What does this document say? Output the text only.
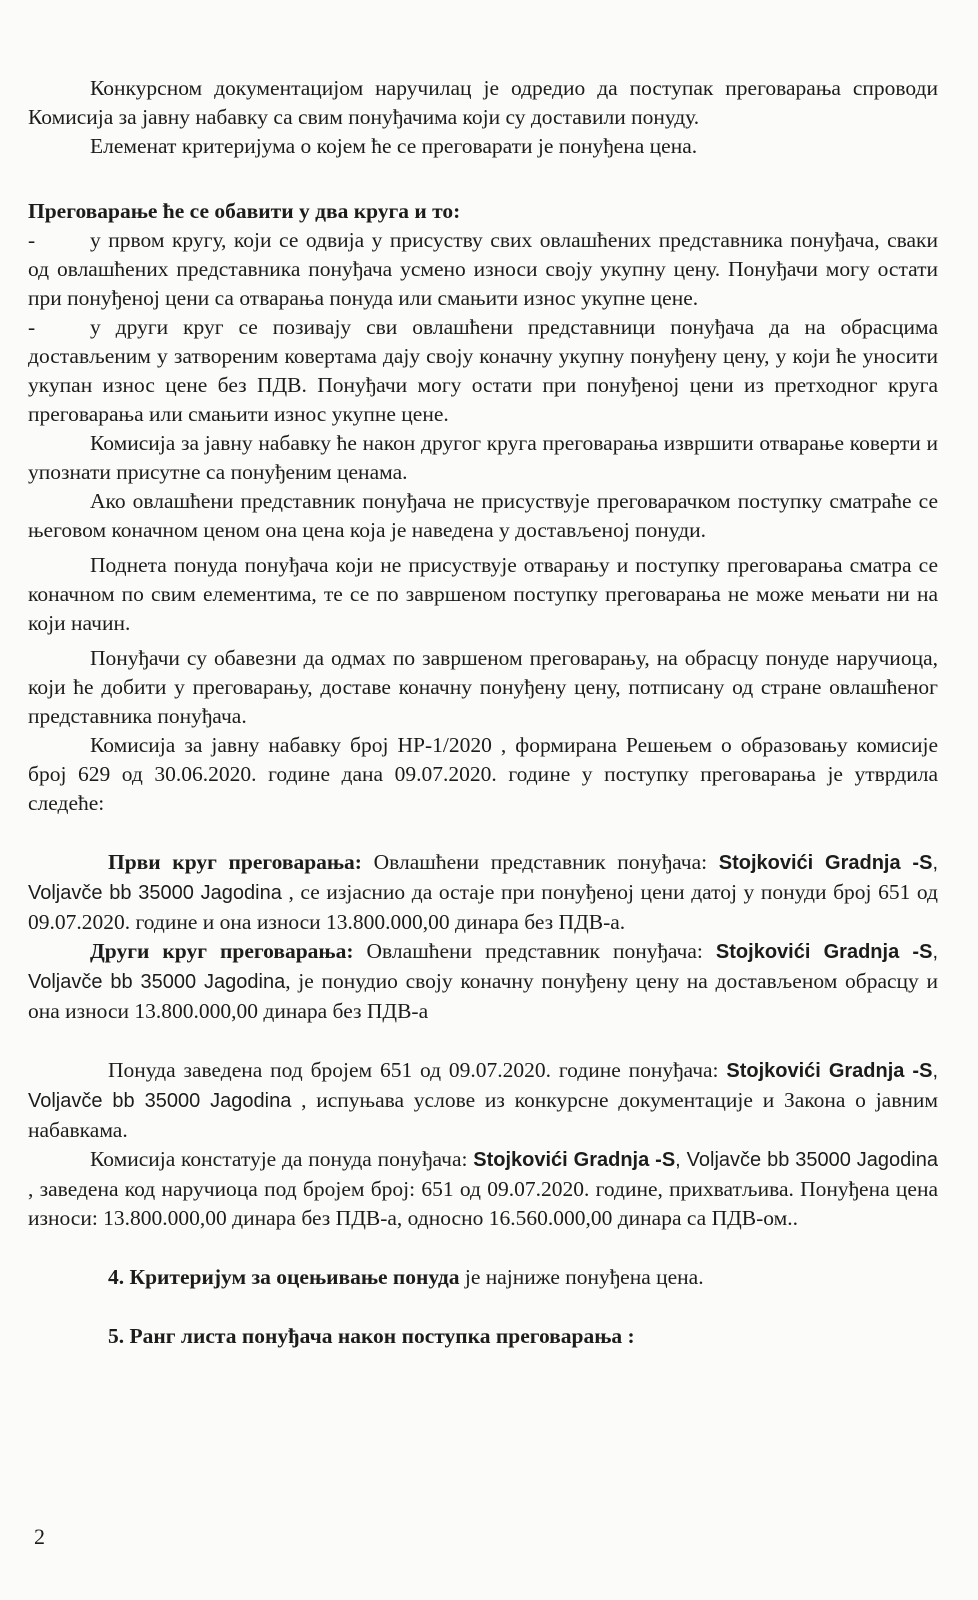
Конкурсном документацијом наручилац је одредио да поступак преговарања спроводи Комисија за јавну набавку са свим понуђачима који су доставили понуду.

Елеменат критеријума о којем ће се преговарати је понуђена цена.

Преговарање ће се обавити у два круга и то:

-	у првом кругу, који се одвија у присуству свих овлашћених представника понуђача, сваки од овлашћених представника понуђача усмено износи своју укупну цену. Понуђачи могу остати при понуђеној цени са отварања понуда или смањити износ укупне цене.

-	у други круг се позивају сви овлашћени представници понуђача да на обрасцима достављеним у затвореним ковертама дају своју коначну укупну понуђену цену, у који ће уносити укупан износ цене без ПДВ. Понуђачи могу остати при понуђеној цени из претходног круга преговарања или смањити износ укупне цене.

Комисија за јавну набавку ће након другог круга преговарања извршити отварање коверти и упознати присутне са понуђеним ценама.

Ако овлашћени представник понуђача не присуствује преговарачком поступку сматраће се његовом коначном ценом она цена која је наведена у достављеној понуди.

Поднета понуда понуђача који не присуствује отварању и поступку преговарања сматра се коначном по свим елементима, те се по завршеном поступку преговарања не може мењати ни на који начин.

Понуђачи су обавезни да одмах по завршеном преговарању, на обрасцу понуде наручиоца, који ће добити у преговарању, доставе коначну понуђену цену, потписану од стране овлашћеног представника понуђача.

Комисија за јавну набавку број НР-1/2020 , формирана Решењем о образовању комисије број 629 од 30.06.2020. године дана 09.07.2020. године у поступку преговарања је утврдила следеће:

Први круг преговарања: Овлашћени представник понуђача: Stojkovići Gradnja -S, Voljavče bb 35000 Jagodina , се изјаснио да остаје при понуђеној цени датој у понуди број 651 од 09.07.2020. године и она износи 13.800.000,00 динара без ПДВ-а.

Други круг преговарања: Овлашћени представник понуђача: Stojkovići Gradnja -S, Voljavče bb 35000 Jagodina, је понудио своју коначну понуђену цену на достављеном обрасцу и она износи 13.800.000,00 динара без ПДВ-а

Понуда заведена под бројем 651 од 09.07.2020. године понуђача: Stojkovići Gradnja -S, Voljavče bb 35000 Jagodina , испуњава услове из конкурсне документације и Закона о јавним набавкама.

Комисија констатује да понуда понуђача: Stojkovići Gradnja -S, Voljavče bb 35000 Jagodina , заведена код наручиоца под бројем број: 651 од 09.07.2020. године, прихватљива. Понуђена цена износи: 13.800.000,00 динара без ПДВ-а, односно 16.560.000,00 динара са ПДВ-ом..

4. Критеријум за оцењивање понуда је најниже понуђена цена.

5. Ранг листа понуђача након поступка преговарања :

2
